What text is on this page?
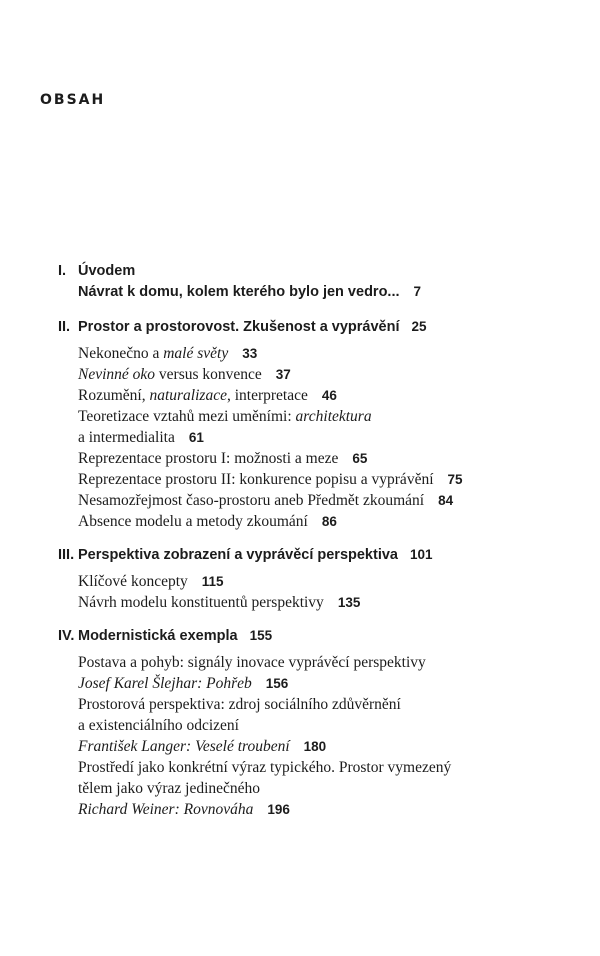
OBSAH
I. Úvodem
Návrat k domu, kolem kterého bylo jen vedro... 7
II. Prostor a prostorovost. Zkušenost a vyprávění 25
Nekonečno a malé světy 33
Nevinné oko versus konvence 37
Rozumění, naturalizace, interpretace 46
Teoretizace vztahů mezi uměními: architektura
a intermedialita 61
Reprezentace prostoru I: možnosti a meze 65
Reprezentace prostoru II: konkurence popisu a vyprávění 75
Nesamozřejmost časo-prostoru aneb Předmět zkoumání 84
Absence modelu a metody zkoumání 86
III. Perspektiva zobrazení a vyprávěcí perspektiva 101
Klíčové koncepty 115
Návrh modelu konstituentů perspektivy 135
IV. Modernistická exempla 155
Postava a pohyb: signály inovace vyprávěcí perspektivy
Josef Karel Šlejhar: Pohřeb 156
Prostorová perspektiva: zdroj sociálního zdůvěrnění
a existenciálního odcizení
František Langer: Veselé troubení 180
Prostředí jako konkrétní výraz typického. Prostor vymezený
tělem jako výraz jedinečného
Richard Weiner: Rovnováha 196
